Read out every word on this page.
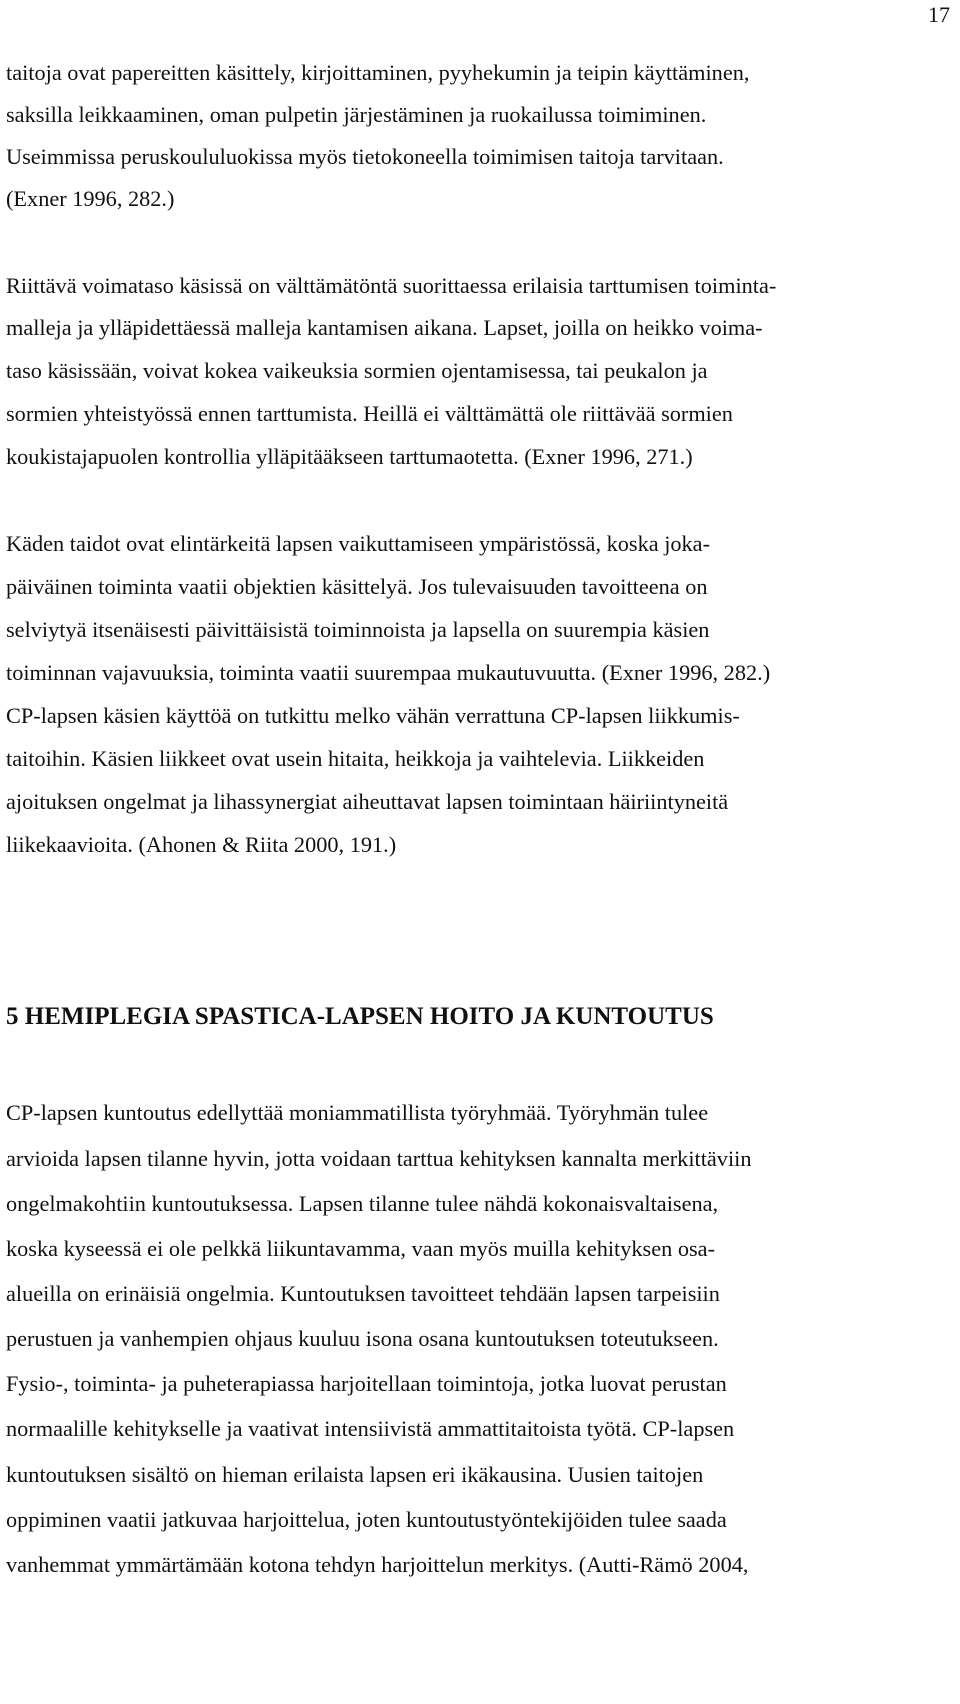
17

taitoja ovat papereitten käsittely, kirjoittaminen, pyyhekumin ja teipin käyttäminen,

saksilla leikkaaminen, oman pulpetin järjestäminen ja ruokailussa toimiminen.

Useimmissa peruskoululuokissa myös tietokoneella toimimisen taitoja tarvitaan.

(Exner 1996, 282.)

Riittävä voimataso käsissä on välttämätöntä suorittaessa erilaisia tarttumisen toiminta-

malleja ja ylläpidettäessä malleja kantamisen aikana. Lapset, joilla on heikko voima-

taso käsissään, voivat kokea vaikeuksia sormien ojentamisessa, tai peukalon ja

sormien yhteistyössä ennen tarttumista. Heillä ei välttämättä ole riittävää sormien

koukistajapuolen kontrollia ylläpitääkseen tarttumaotetta. (Exner 1996, 271.)

Käden taidot ovat elintärkeitä lapsen vaikuttamiseen ympäristössä, koska joka-

päiväinen toiminta vaatii objektien käsittelyä. Jos tulevaisuuden tavoitteena on

selviytyä itsenäisesti päivittäisistä toiminnoista ja lapsella on suurempia käsien

toiminnan vajavuuksia, toiminta vaatii suurempaa mukautuvuutta. (Exner 1996, 282.)

CP-lapsen käsien käyttöä on tutkittu melko vähän verrattuna CP-lapsen liikkumis-

taitoihin. Käsien liikkeet ovat usein hitaita, heikkoja ja vaihtelevia. Liikkeiden

ajoituksen ongelmat ja lihassynergiat aiheuttavat lapsen toimintaan häiriintyneitä

liikekaavioita. (Ahonen & Riita 2000, 191.)

5 HEMIPLEGIA SPASTICA-LAPSEN HOITO JA KUNTOUTUS

CP-lapsen kuntoutus edellyttää moniammatillista työryhmää. Työryhmän tulee

arvioida lapsen tilanne hyvin, jotta voidaan tarttua kehityksen kannalta merkittäviin

ongelmakohtiin kuntoutuksessa. Lapsen tilanne tulee nähdä kokonaisvaltaisena,

koska kyseessä ei ole pelkkä liikuntavamma, vaan myös muilla kehityksen osa-

alueilla on erinäisiä ongelmia. Kuntoutuksen tavoitteet tehdään lapsen tarpeisiin

perustuen ja vanhempien ohjaus kuuluu isona osana kuntoutuksen toteutukseen.

Fysio-, toiminta- ja puheterapiassa harjoitellaan toimintoja, jotka luovat perustan

normaalille kehitykselle ja vaativat intensiivistä ammattitaitoista työtä. CP-lapsen

kuntoutuksen sisältö on hieman erilaista lapsen eri ikäkausina. Uusien taitojen

oppiminen vaatii jatkuvaa harjoittelua, joten kuntoutustyöntekijöiden tulee saada

vanhemmat ymmärtämään kotona tehdyn harjoittelun merkitys. (Autti-Rämö 2004,
